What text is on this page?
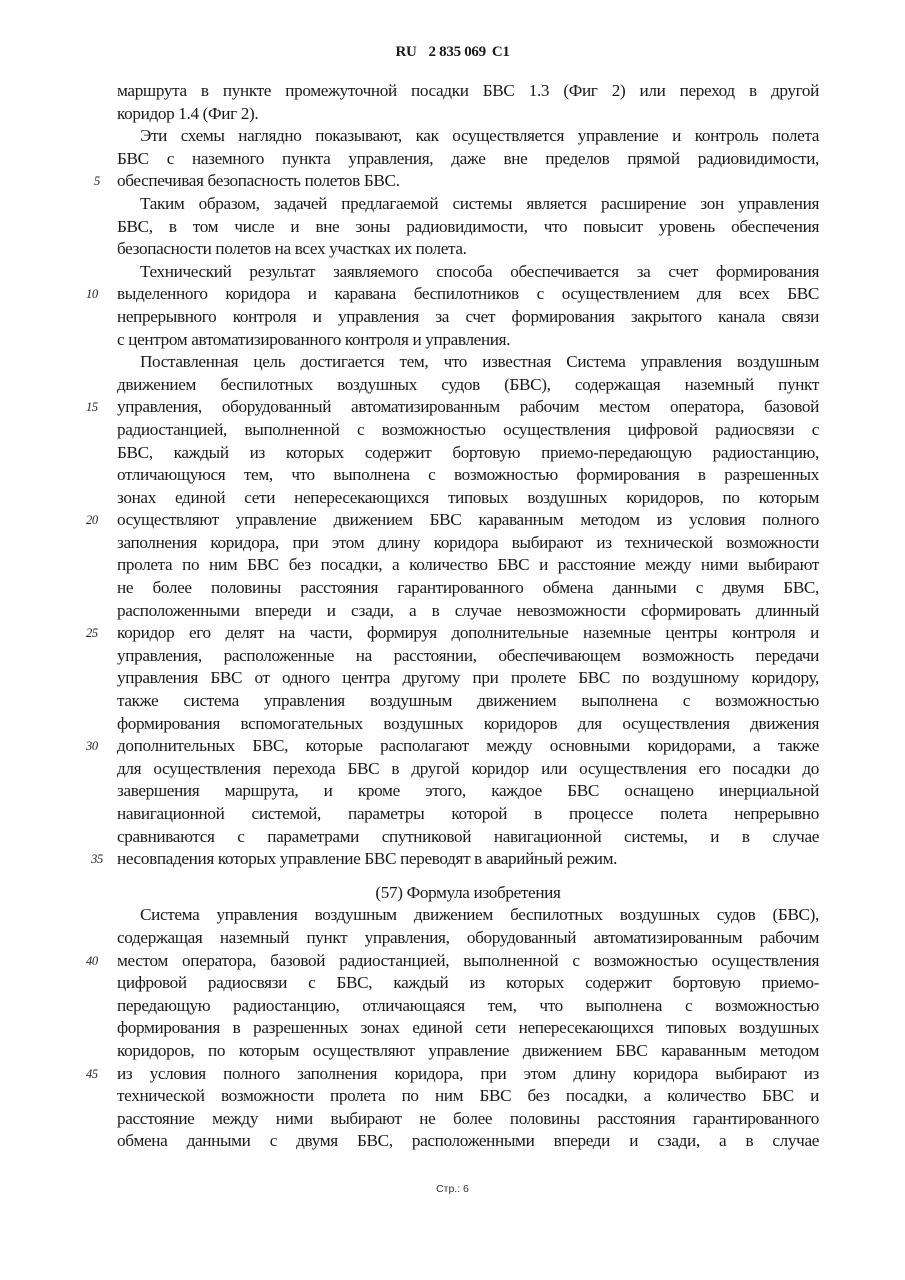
RU 2 835 069 C1
маршрута в пункте промежуточной посадки БВС 1.3 (Фиг 2) или переход в другой
коридор 1.4 (Фиг 2).
Эти схемы наглядно показывают, как осуществляется управление и контроль полета
БВС с наземного пункта управления, даже вне пределов прямой радиовидимости,
5 обеспечивая безопасность полетов БВС.
Таким образом, задачей предлагаемой системы является расширение зон управления
БВС, в том числе и вне зоны радиовидимости, что повысит уровень обеспечения
безопасности полетов на всех участках их полета.
Технический результат заявляемого способа обеспечивается за счет формирования
10	выделенного коридора и каравана беспилотников с осуществлением для всех БВС
непрерывного контроля и управления за счет формирования закрытого канала связи
с центром автоматизированного контроля и управления.
Поставленная цель достигается тем, что известная Система управления воздушным
движением беспилотных воздушных судов (БВС), содержащая наземный пункт
15	управления, оборудованный автоматизированным рабочим местом оператора, базовой
радиостанцией, выполненной с возможностью осуществления цифровой радиосвязи с
БВС, каждый из которых содержит бортовую приемо-передающую радиостанцию,
отличающуюся тем, что выполнена с возможностью формирования в разрешенных
зонах единой сети непересекающихся типовых воздушных коридоров, по которым
20	осуществляют управление движением БВС караванным методом из условия полного
заполнения коридора, при этом длину коридора выбирают из технической возможности
пролета по ним БВС без посадки, а количество БВС и расстояние между ними выбирают
не более половины расстояния гарантированного обмена данными с двумя БВС,
расположенными впереди и сзади, а в случае невозможности сформировать длинный
25	коридор его делят на части, формируя дополнительные наземные центры контроля и
управления, расположенные на расстоянии, обеспечивающем возможность передачи
управления БВС от одного центра другому при пролете БВС по воздушному коридору,
также система управления воздушным движением выполнена с возможностью
формирования вспомогательных воздушных коридоров для осуществления движения
30	дополнительных БВС, которые располагают между основными коридорами, а также
для осуществления перехода БВС в другой коридор или осуществления его посадки до
завершения маршрута, и кроме этого, каждое БВС оснащено инерциальной
навигационной системой, параметры которой в процессе полета непрерывно
сравниваются с параметрами спутниковой навигационной системы, и в случае
35 несовпадения которых управление БВС переводят в аварийный режим.
(57) Формула изобретения
Система управления воздушным движением беспилотных воздушных судов (БВС),
содержащая наземный пункт управления, оборудованный автоматизированным рабочим
40	местом оператора, базовой радиостанцией, выполненной с возможностью осуществления
цифровой радиосвязи с БВС, каждый из которых содержит бортовую приемо-
передающую радиостанцию, отличающаяся тем, что выполнена с возможностью
формирования в разрешенных зонах единой сети непересекающихся типовых воздушных
коридоров, по которым осуществляют управление движением БВС караванным методом
45	из условия полного заполнения коридора, при этом длину коридора выбирают из
технической возможности пролета по ним БВС без посадки, а количество БВС и
расстояние между ними выбирают не более половины расстояния гарантированного
обмена данными с двумя БВС, расположенными впереди и сзади, а в случае
Стр.: 6
